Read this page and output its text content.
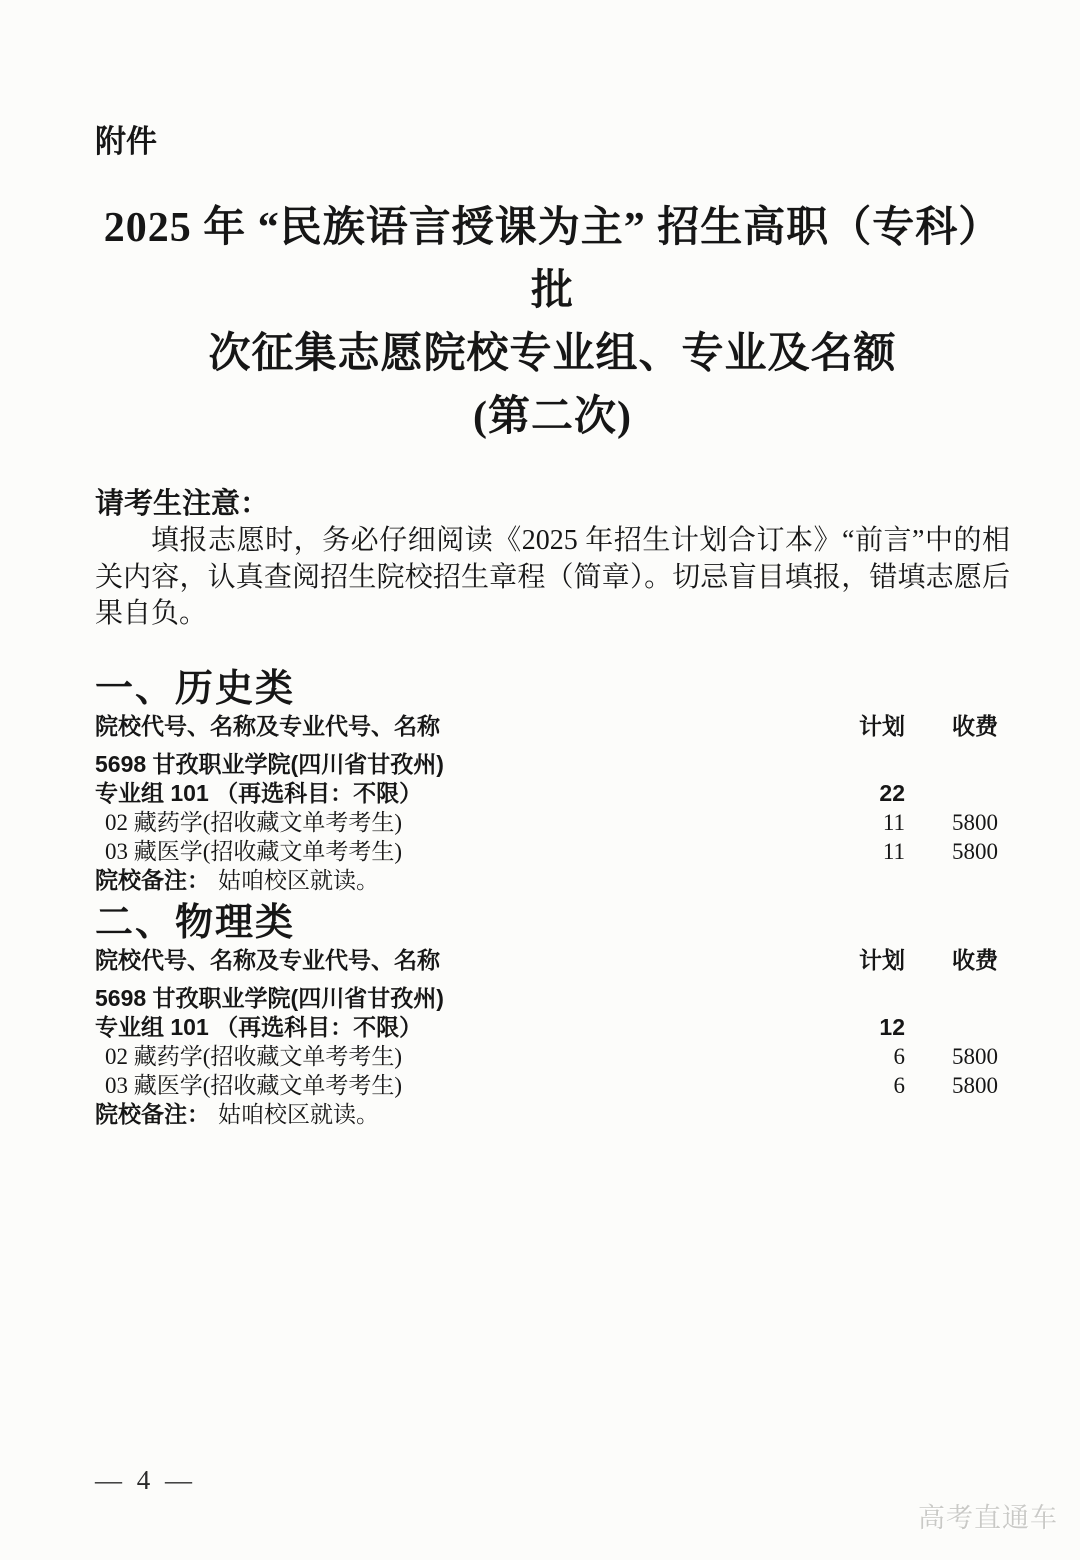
附件
2025 年 “民族语言授课为主” 招生高职（专科）批
次征集志愿院校专业组、专业及名额
(第二次)
请考生注意：

填报志愿时，务必仔细阅读《2025 年招生计划合订本》“前言”中的相关内容，认真查阅招生院校招生章程（简章）。切忌盲目填报，错填志愿后果自负。

一、历史类
院校代号、名称及专业代号、名称	计划	收费
5698 甘孜职业学院(四川省甘孜州)
专业组 101 （再选科目：不限）	22
02 藏药学(招收藏文单考考生)	11	5800
03 藏医学(招收藏文单考考生)	11	5800
院校备注： 姑咱校区就读。
二、物理类
院校代号、名称及专业代号、名称	计划	收费
5698 甘孜职业学院(四川省甘孜州)
专业组 101 （再选科目：不限）	12
02 藏药学(招收藏文单考考生)	6	5800
03 藏医学(招收藏文单考考生)	6	5800
院校备注： 姑咱校区就读。
— 4 —
高考直通车
